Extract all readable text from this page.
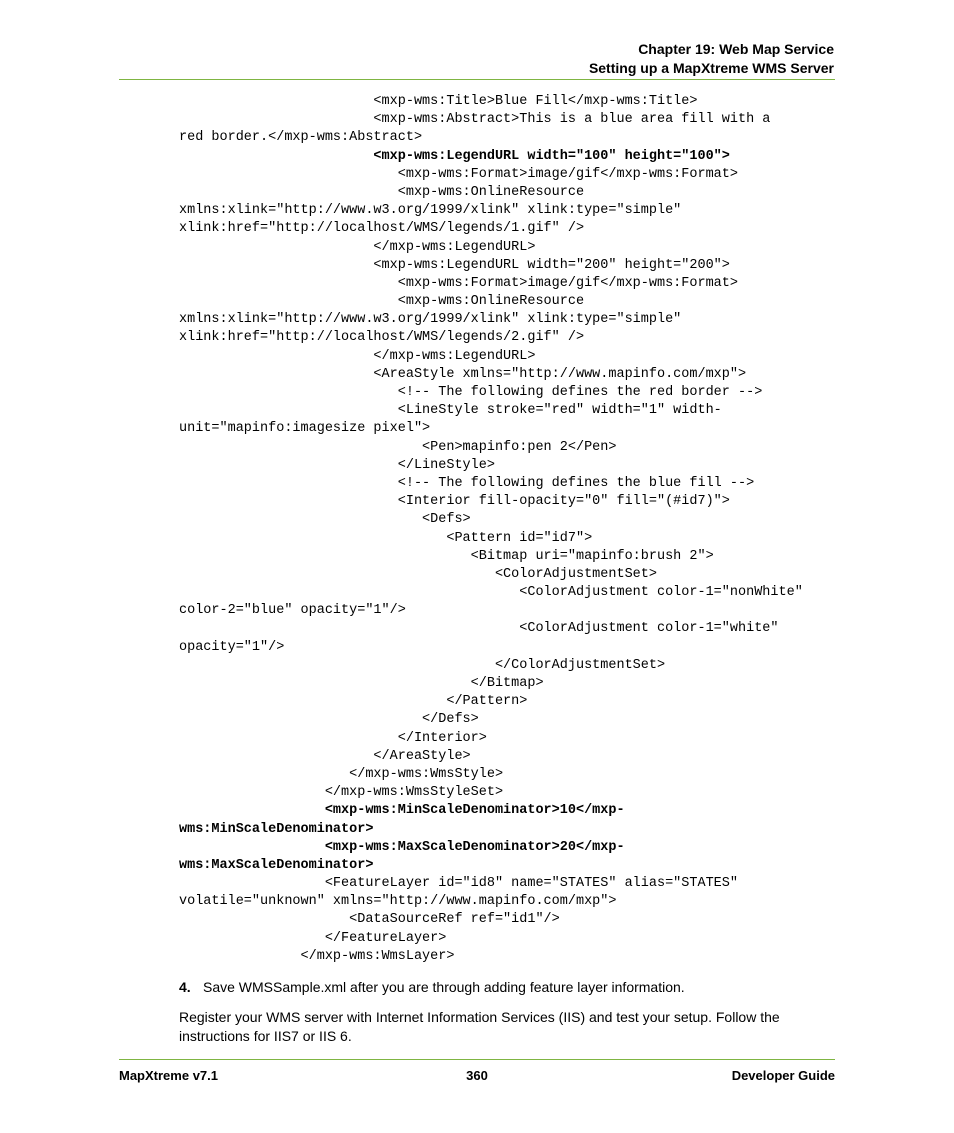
Chapter 19: Web Map Service
Setting up a MapXtreme WMS Server
<mxp-wms:Title>Blue Fill</mxp-wms:Title>
<mxp-wms:Abstract>This is a blue area fill with a
red border.</mxp-wms:Abstract>
<mxp-wms:LegendURL width="100" height="100">
<mxp-wms:Format>image/gif</mxp-wms:Format>
<mxp-wms:OnlineResource
xmlns:xlink="http://www.w3.org/1999/xlink" xlink:type="simple"
xlink:href="http://localhost/WMS/legends/1.gif" />
</mxp-wms:LegendURL>
<mxp-wms:LegendURL width="200" height="200">
<mxp-wms:Format>image/gif</mxp-wms:Format>
<mxp-wms:OnlineResource
xmlns:xlink="http://www.w3.org/1999/xlink" xlink:type="simple"
xlink:href="http://localhost/WMS/legends/2.gif" />
</mxp-wms:LegendURL>
<AreaStyle xmlns="http://www.mapinfo.com/mxp">
<!-- The following defines the red border -->
<LineStyle stroke="red" width="1" width-
unit="mapinfo:imagesize pixel">
<Pen>mapinfo:pen 2</Pen>
</LineStyle>
<!-- The following defines the blue fill -->
<Interior fill-opacity="0" fill="(#id7)">
<Defs>
<Pattern id="id7">
<Bitmap uri="mapinfo:brush 2">
<ColorAdjustmentSet>
<ColorAdjustment color-1="nonWhite"
color-2="blue" opacity="1"/>
<ColorAdjustment color-1="white"
opacity="1"/>
</ColorAdjustmentSet>
</Bitmap>
</Pattern>
</Defs>
</Interior>
</AreaStyle>
</mxp-wms:WmsStyle>
</mxp-wms:WmsStyleSet>
<mxp-wms:MinScaleDenominator>10</mxp-
wms:MinScaleDenominator>
<mxp-wms:MaxScaleDenominator>20</mxp-
wms:MaxScaleDenominator>
<FeatureLayer id="id8" name="STATES" alias="STATES"
volatile="unknown" xmlns="http://www.mapinfo.com/mxp">
<DataSourceRef ref="id1"/>
</FeatureLayer>
</mxp-wms:WmsLayer>
4. Save WMSSample.xml after you are through adding feature layer information.
Register your WMS server with Internet Information Services (IIS) and test your setup. Follow the instructions for IIS7 or IIS 6.
MapXtreme v7.1	360	Developer Guide
